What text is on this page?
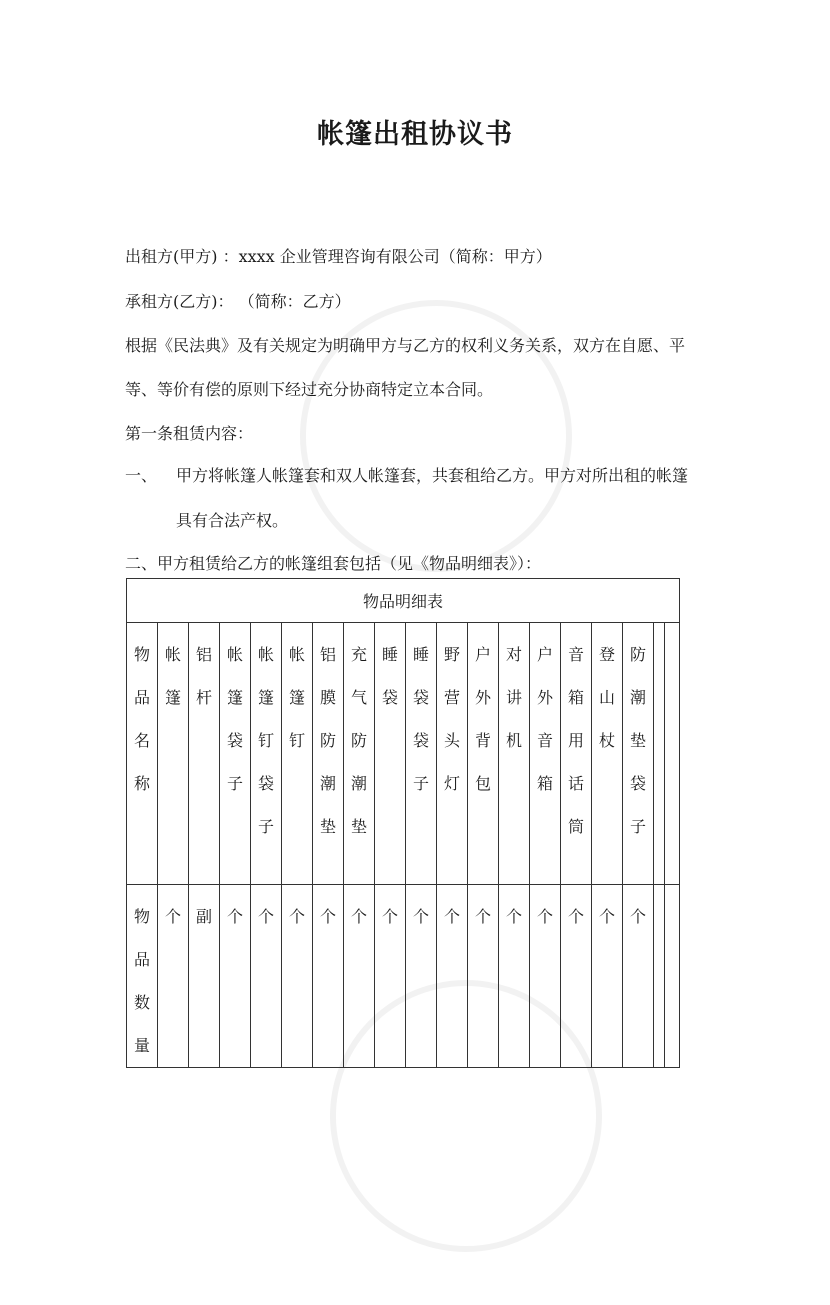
帐篷出租协议书
出租方(甲方) ：xxxx 企业管理咨询有限公司（简称：甲方）
承租方(乙方)： （简称：乙方）
根据《民法典》及有关规定为明确甲方与乙方的权利义务关系，双方在自愿、平
等、等价有偿的原则下经过充分协商特定立本合同。
第一条租赁内容：
一、 甲方将帐篷人帐篷套和双人帐篷套，共套租给乙方。甲方对所出租的帐篷
具有合法产权。
二、甲方租赁给乙方的帐篷组套包括（见《物品明细表》）：
物品明细表																		

物
品
名
称	帐
篷	铝
杆	帐
篷
袋
子	帐
篷
钉
袋
子	帐
篷
钉	铝
膜
防
潮
垫	充
气
防
潮
垫	睡
袋	睡
袋
袋
子	野
营
头
灯	户
外
背
包	对
讲
机	户
外
音
箱	音
箱
用
话
筒	登
山
杖	防
潮
垫
袋
子		

物
品
数
量	个	副	个	个	个	个	个	个	个	个	个	个	个	个	个	个		
